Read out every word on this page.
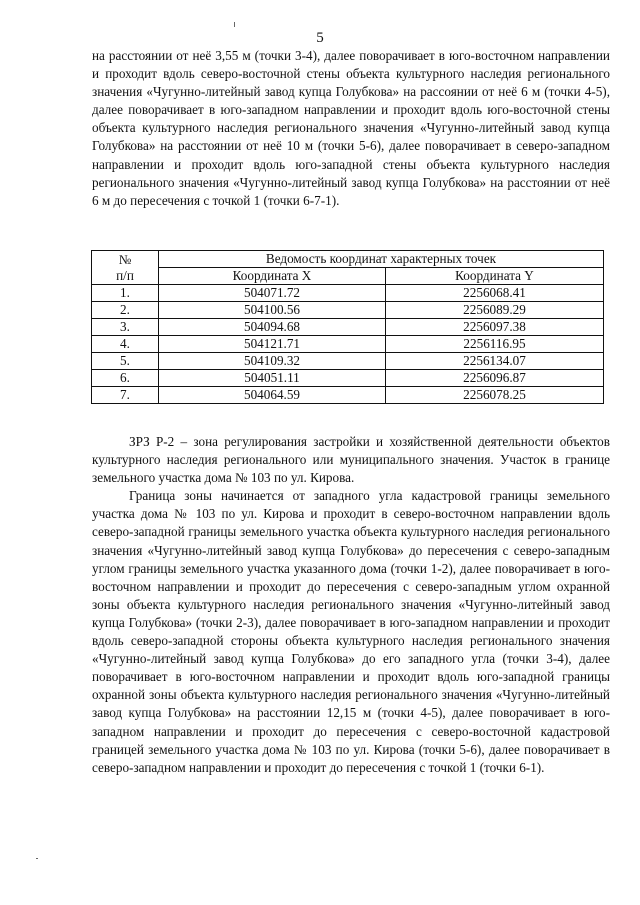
5

на расстоянии от неё 3,55 м (точки 3-4), далее поворачивает в юго-восточном направлении и проходит вдоль северо-восточной стены объекта культурного наследия регионального значения «Чугунно-литейный завод купца Голубкова» на рассоянии от неё 6 м (точки 4-5), далее поворачивает в юго-западном направлении и проходит вдоль юго-восточной стены объекта культурного наследия регионального значения «Чугунно-литейный завод купца Голубкова» на расстоянии от неё 10 м (точки 5-6), далее поворачивает в северо-западном направлении и проходит вдоль юго-западной стены объекта культурного наследия регионального значения «Чугунно-литейный завод купца Голубкова» на расстоянии от неё 6 м до пересечения с точкой 1 (точки 6-7-1).

№
п/п	Ведомость координат характерных точек	
	Координата X	Координата Y
1.	504071.72	2256068.41
2.	504100.56	2256089.29
3.	504094.68	2256097.38
4.	504121.71	2256116.95
5.	504109.32	2256134.07
6.	504051.11	2256096.87
7.	504064.59	2256078.25

ЗРЗ Р-2 – зона регулирования застройки и хозяйственной деятельности объектов культурного наследия регионального или муниципального значения. Участок в границе земельного участка дома № 103 по ул. Кирова.

Граница зоны начинается от западного угла кадастровой границы земельного участка дома № 103 по ул. Кирова и проходит в северо-восточном направлении вдоль северо-западной границы земельного участка объекта культурного наследия регионального значения «Чугунно-литейный завод купца Голубкова» до пересечения с северо-западным углом границы земельного участка указанного дома (точки 1-2), далее поворачивает в юго-восточном направлении и проходит до пересечения с северо-западным углом охранной зоны объекта культурного наследия регионального значения «Чугунно-литейный завод купца Голубкова» (точки 2-3), далее поворачивает в юго-западном направлении и проходит вдоль северо-западной стороны объекта культурного наследия регионального значения «Чугунно-литейный завод купца Голубкова» до его западного угла (точки 3-4), далее поворачивает в юго-восточном направлении и проходит вдоль юго-западной границы охранной зоны объекта культурного наследия регионального значения «Чугунно-литейный завод купца Голубкова» на расстоянии 12,15 м (точки 4-5), далее поворачивает в юго-западном направлении и проходит до пересечения с северо-восточной кадастровой границей земельного участка дома № 103 по ул. Кирова (точки 5-6), далее поворачивает в северо-западном направлении и проходит до пересечения с точкой 1 (точки 6-1).
